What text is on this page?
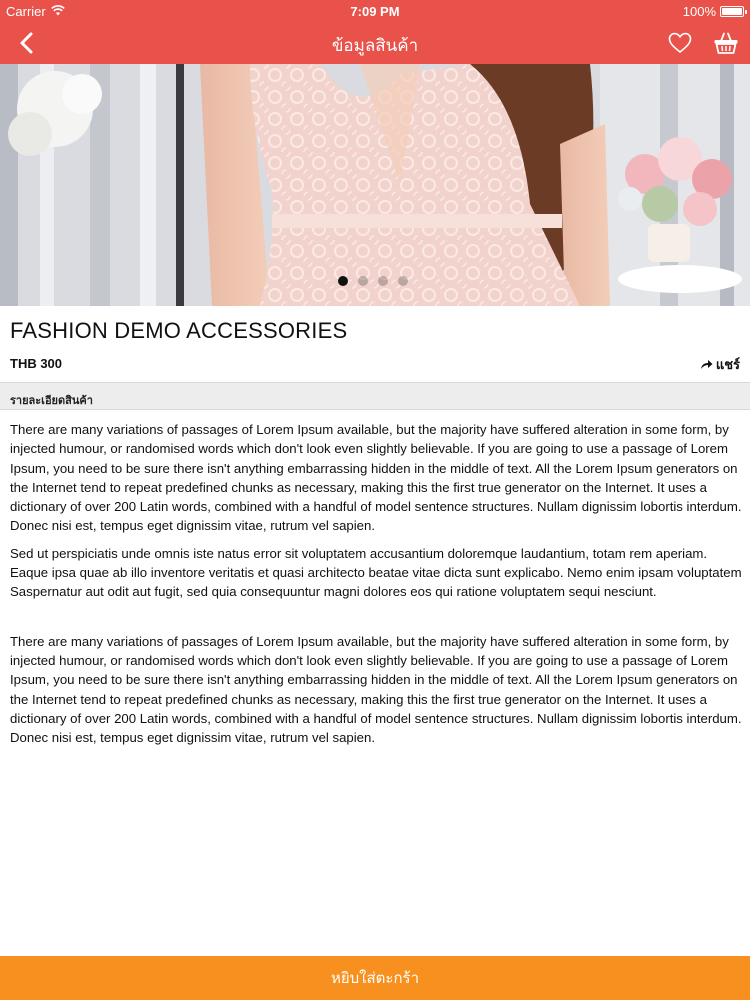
Carrier	7:09 PM	100%
ข้อมูลสินค้า
FASHION DEMO ACCESSORIES
THB 300	แชร์
รายละเอียดสินค้า

There are many variations of passages of Lorem Ipsum available, but the majority have suffered alteration in some form, by injected humour, or randomised words which don't look even slightly believable. If you are going to use a passage of Lorem Ipsum, you need to be sure there isn't anything embarrassing hidden in the middle of text. All the Lorem Ipsum generators on the Internet tend to repeat predefined chunks as necessary, making this the first true generator on the Internet. It uses a dictionary of over 200 Latin words, combined with a handful of model sentence structures. Nullam dignissim lobortis interdum. Donec nisi est, tempus eget dignissim vitae, rutrum vel sapien.

Sed ut perspiciatis unde omnis iste natus error sit voluptatem accusantium doloremque laudantium, totam rem aperiam. Eaque ipsa quae ab illo inventore veritatis et quasi architecto beatae vitae dicta sunt explicabo. Nemo enim ipsam voluptatem
Saspernatur aut odit aut fugit, sed quia consequuntur magni dolores eos qui ratione voluptatem sequi nesciunt.

There are many variations of passages of Lorem Ipsum available, but the majority have suffered alteration in some form, by injected humour, or randomised words which don't look even slightly believable. If you are going to use a passage of Lorem Ipsum, you need to be sure there isn't anything embarrassing hidden in the middle of text. All the Lorem Ipsum generators on the Internet tend to repeat predefined chunks as necessary, making this the first true generator on the Internet. It uses a dictionary of over 200 Latin words, combined with a handful of model sentence structures. Nullam dignissim lobortis interdum. Donec nisi est, tempus eget dignissim vitae, rutrum vel sapien.

หยิบใส่ตะกร้า
